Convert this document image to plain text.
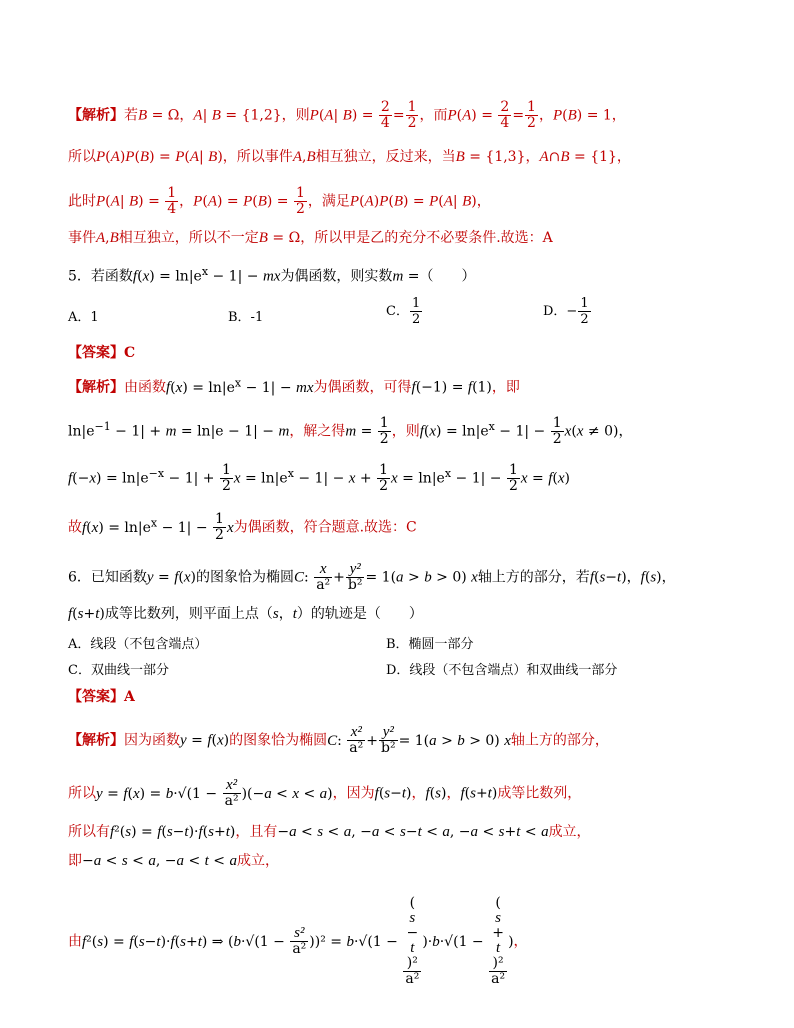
【解析】若B = Ω，A| B = {1,2}，则P(A| $B) = \frac{2}{4} = \frac{1}{2}$ ，而$P(A) = \frac{2}{4} = \frac{1}{2}$ ，P(B) = 1，
所以P(A)P(B) = P(A| B)，所以事件A,B相互独立，反过来，当B = {1,3}，A∩B = {1}，
此时P(A| $B) = \frac{1}{4}$ ，$P(A) = P(B) = \frac{1}{2}$ ，满足P(A)P(B) = P(A| B)，
事件A,B相互独立，所以不一定B = Ω，所以甲是乙的充分不必要条件.故选：A
5．若函数$f(x) = \ln|e^x - 1|$ − mx为偶函数，则实数m =（　　）
A．1	B．-1	C． $\frac{1}{2}$	D．− $\frac{1}{2}$
【答案】C
【解析】由函数$f(x) = \ln|e^x - 1|$ − mx为偶函数，可得f(−1) = f(1)，即
$\ln|e^{-1} - 1| + m = \ln|e - 1| - m$，解之得$m = \frac{1}{2}$ ，则$f(x) = \ln|e^x - 1| - \frac{1}{2} x(x \ne 0)$，
$f(-x) = \ln|e^{-x} - 1| + \frac{1}{2}$ $x = \ln|e^x - 1| - x + \frac{1}{2}$ $x = \ln|e^x - 1| - \frac{1}{2}$ x = f(x)
故$f(x) = \ln|e^x - 1| - \frac{1}{2}$ x为偶函数，符合题意.故选：C
6．已知函数y = f(x)的图象恰为椭圆C: $\frac{x}{\text{a²}} + \frac{\text{y²}}{\text{b²}} = 1(a > b > 0)$ x轴上方的部分，若f(s−t)，f(s)，
f(s+t)成等比数列，则平面上点（s，t）的轨迹是（　　）
A．线段（不包含端点）	B．椭圆一部分
C．双曲线一部分	D．线段（不包含端点）和双曲线一部分
【答案】A
【解析】因为函数y = f(x)的图象恰为椭圆C: $\frac{\text{x²}}{\text{a²}} + \frac{\text{y²}}{\text{b²}} = 1(a > b > 0)$ x轴上方的部分，
所以$y = f(x) = b\cdot√(1 - \frac{\text{x²}}{\text{a²}} )(-a < x < a)$，因为f(s−t)，f(s)，f(s+t)成等比数列，
所以有f²(s) = f(s−t)·f(s+t)，且有−a < s < a, −a < s−t < a, −a < s+t < a成立，
即−a < s < a, −a < t < a成立，
由f²(s) = f(s−t)·f(s+t) ⇒ $(b\cdot√(1 - \frac{\text{s²}}{\text{a²}} ))^2 = b\cdot√(1$ − (
s
−
t
)²
a² )·b·√(1 − (
s
+
t
)²
a² )，
